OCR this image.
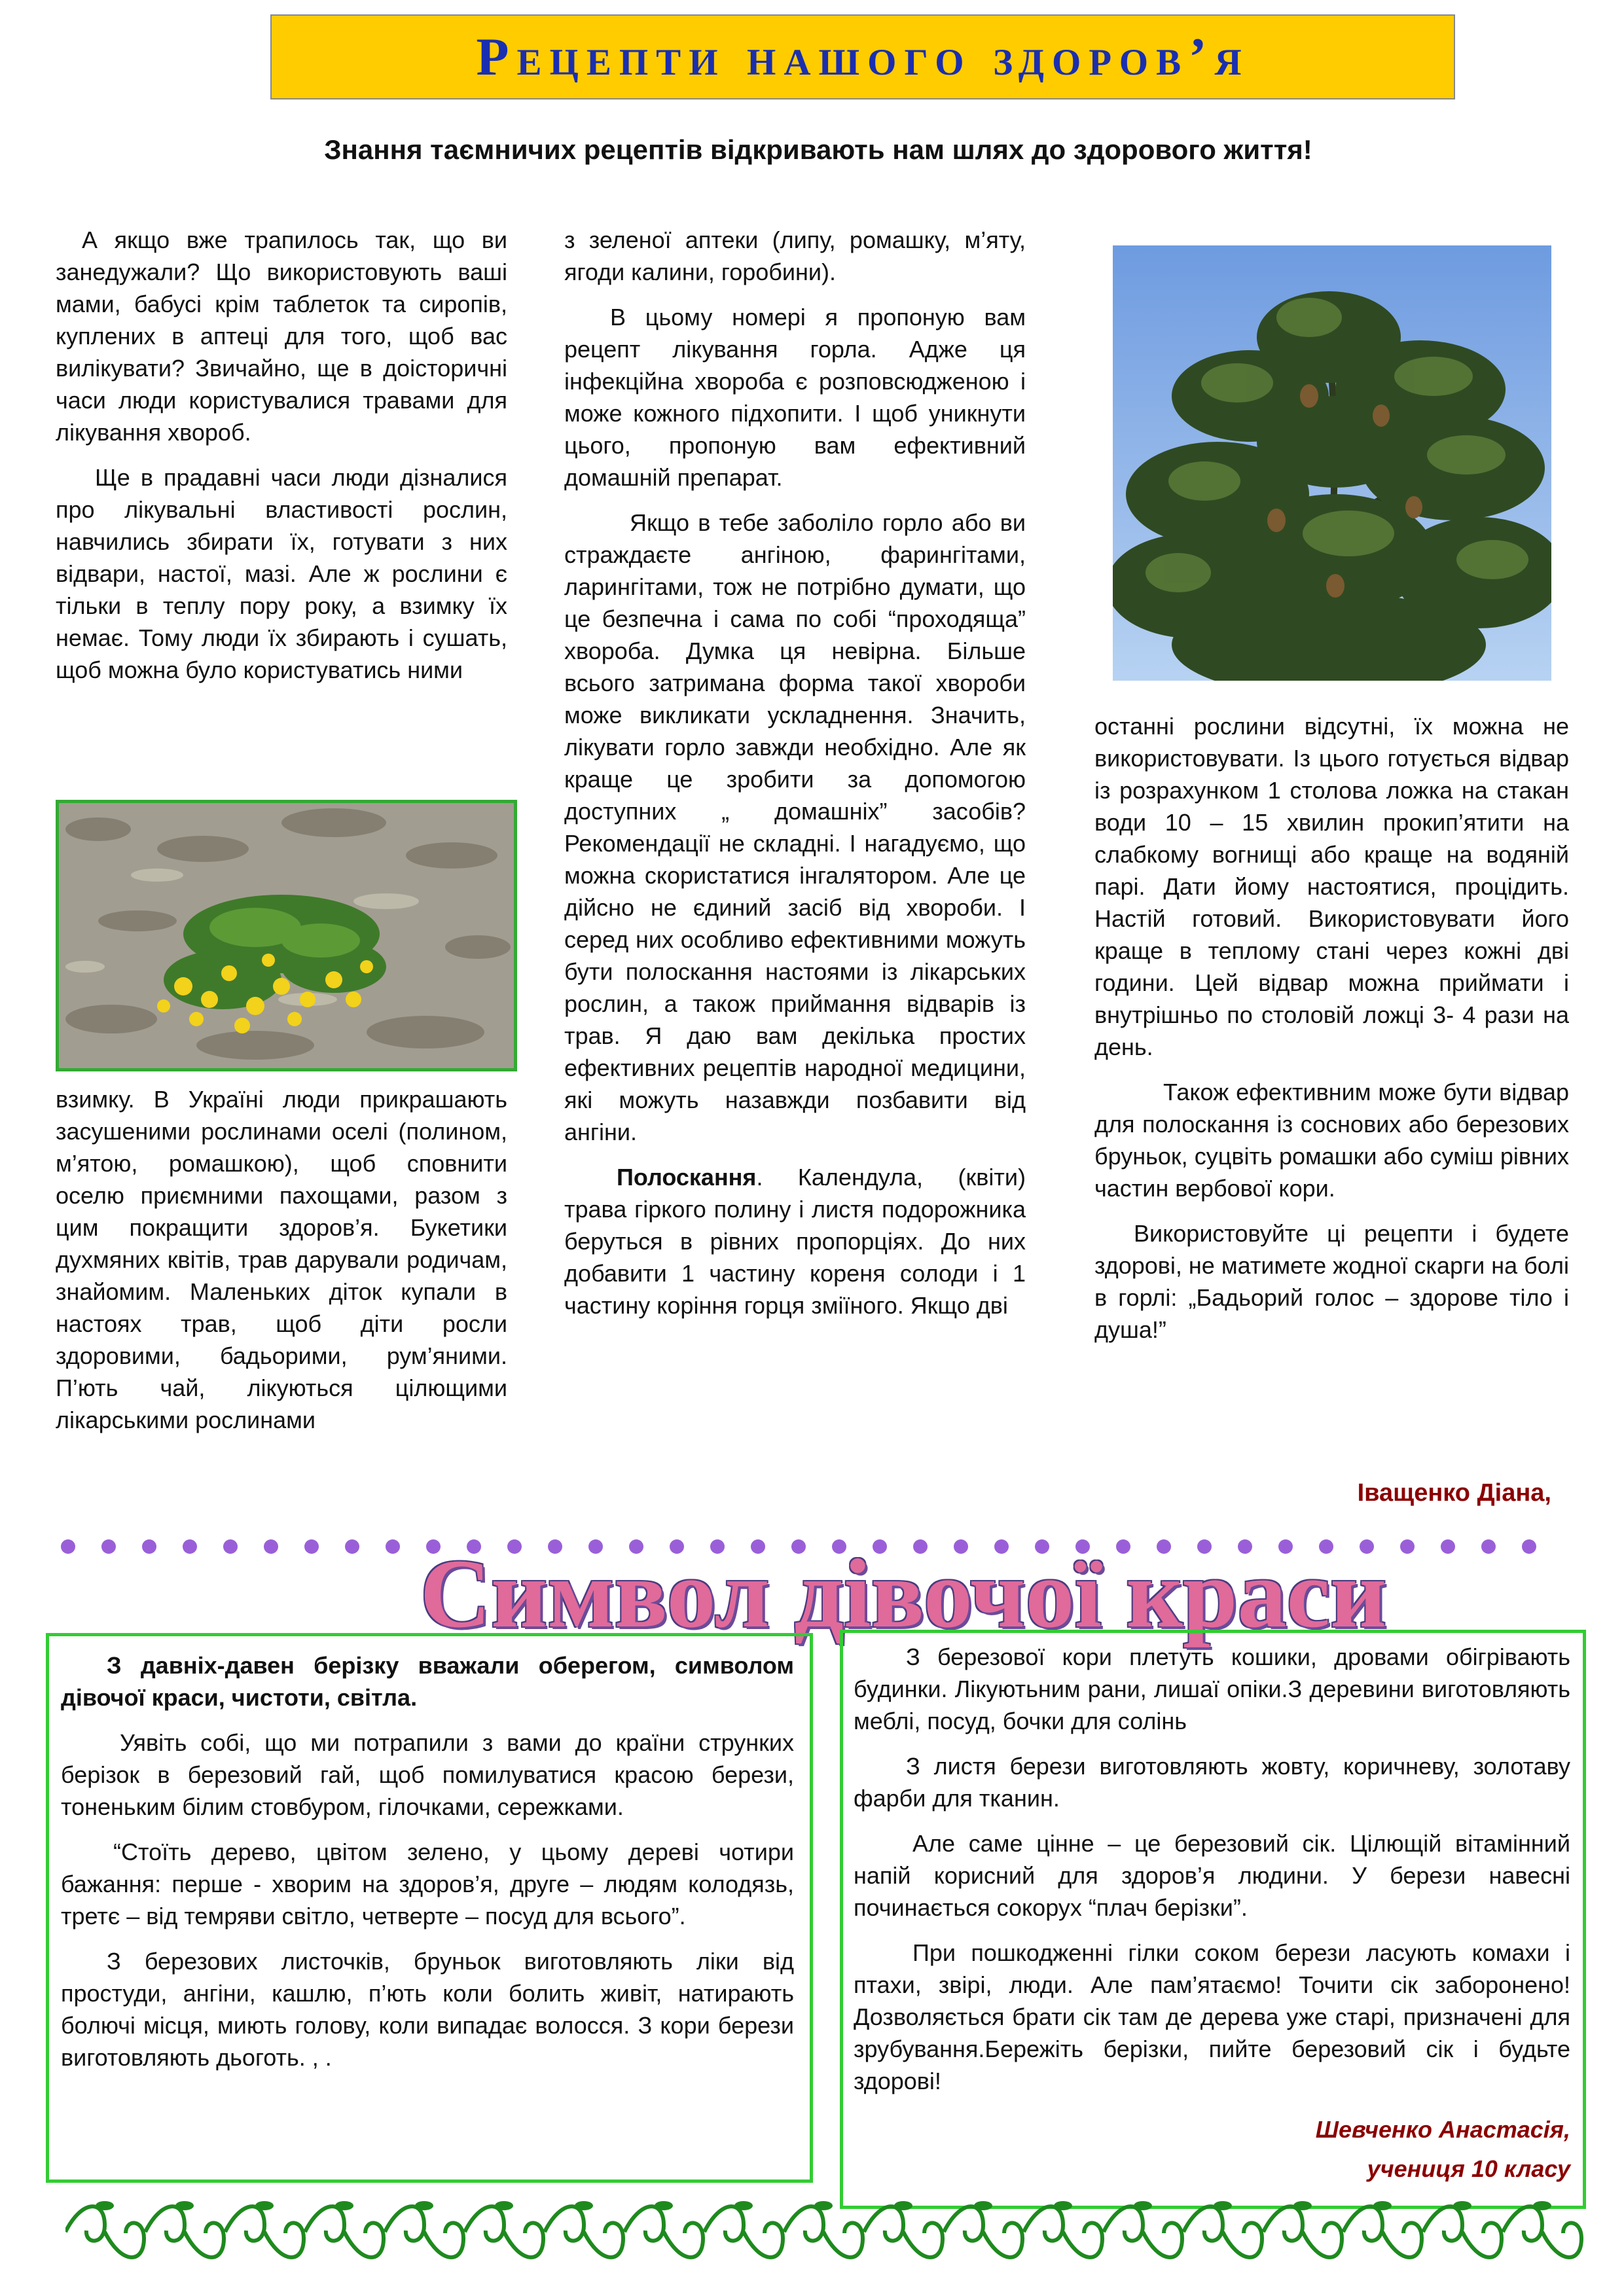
Рецепти нашого здоров’я
Знання таємничих рецептів відкривають нам шлях до здорового життя!

А якщо вже трапилось так, що ви занедужали? Що використовують ваші мами, бабусі крім таблеток та сиропів, куплених в аптеці для того, щоб вас вилікувати? Звичайно, ще в доісторичні часи люди користувалися травами для лікування хвороб.

Ще в прадавні часи люди дізналися про лікувальні властивості рослин, навчились збирати їх, готувати з них відвари, настої, мазі. Але ж рослини є тільки в теплу пору року, а взимку їх немає. Тому люди їх збирають і сушать, щоб можна було користуватись ними

взимку. В Україні люди прикрашають засушеними рослинами оселі (полином, м’ятою, ромашкою), щоб сповнити оселю приємними пахощами, разом з цим покращити здоров’я. Букетики духмяних квітів, трав дарували родичам, знайомим. Маленьких діток купали в настоях трав, щоб діти росли здоровими, бадьорими, рум’яними. П’ють чай, лікуються цілющими лікарськими рослинами

з зеленої аптеки (липу, ромашку, м’яту, ягоди калини, горобини).

В цьому номері я пропоную вам рецепт лікування горла. Адже ця інфекційна хвороба є розповсюдженою і може кожного підхопити. І щоб уникнути цього, пропоную вам ефективний домашній препарат.

Якщо в тебе заболіло горло або ви страждаєте ангіною, фарингітами, ларингітами, тож не потрібно думати, що це безпечна і сама по собі “проходяща” хвороба. Думка ця невірна. Більше всього затримана форма такої хвороби може викликати ускладнення. Значить, лікувати горло завжди необхідно. Але як краще це зробити за допомогою доступних „ домашніх” засобів? Рекомендації не складні. І нагадуємо, що можна скористатися інгалятором. Але це дійсно не єдиний засіб від хвороби. І серед них особливо ефективними можуть бути полоскання настоями із лікарських рослин, а також приймання відварів із трав. Я даю вам декілька простих ефективних рецептів народної медицини, які можуть назавжди позбавити від ангіни.

Полоскання. Календула, (квіти) трава гіркого полину і листя подорожника беруться в рівних пропорціях. До них добавити 1 частину кореня солоди і 1 частину коріння горця зміїного. Якщо дві

останні рослини відсутні, їх можна не використовувати. Із цього готується відвар із розрахунком 1 столова ложка на стакан води 10 – 15 хвилин прокип’ятити на слабкому вогнищі або краще на водяній парі. Дати йому настоятися, процідить. Настій готовий. Використовувати його краще в теплому стані через кожні дві години. Цей відвар можна приймати і внутрішньо по столовій ложці 3- 4 рази на день.

Також ефективним може бути відвар для полоскання із соснових або березових бруньок, суцвіть ромашки або суміш рівних частин вербової кори.

Використовуйте ці рецепти і будете здорові, не матимете жодної скарги на болі в горлі: „Бадьорий голос – здорове тіло і душа!”

Іващенко Діана,
Символ дівочої краси

З давніх-давен берізку вважали оберегом, символом дівочої краси, чистоти, світла.

Уявіть собі, що ми потрапили з вами до країни струнких берізок в березовий гай, щоб помилуватися красою берези, тоненьким білим стовбуром, гілочками, сережками.

“Стоїть дерево, цвітом зелено, у цьому дереві чотири бажання: перше - хворим на здоров’я, друге – людям колодязь, третє – від темряви світло, четверте – посуд для всього”.

З березових листочків, бруньок виготовляють ліки від простуди, ангіни, кашлю, п’ють коли болить живіт, натирають болючі місця, миють голову, коли випадає волосся. З кори берези виготовляють дьоготь. , .

З березової кори плетуть кошики, дровами обігрівають будинки. Лікуютьним рани, лишаї опіки.З деревини виготовляють меблі, посуд, бочки для солінь

З листя берези виготовляють жовту, коричневу, золотаву фарби для тканин.

Але саме цінне – це березовий сік. Цілющій вітамінний напій корисний для здоров’я людини. У берези навесні починається сокорух “плач берізки”.

При пошкодженні гілки соком берези ласують комахи і птахи, звірі, люди. Але пам’ятаємо! Точити сік заборонено! Дозволяється брати сік там де дерева уже старі, призначені для зрубування.Бережіть берізки, пийте березовий сік і будьте здорові!

Шевченко Анастасія,
учениця 10 класу
